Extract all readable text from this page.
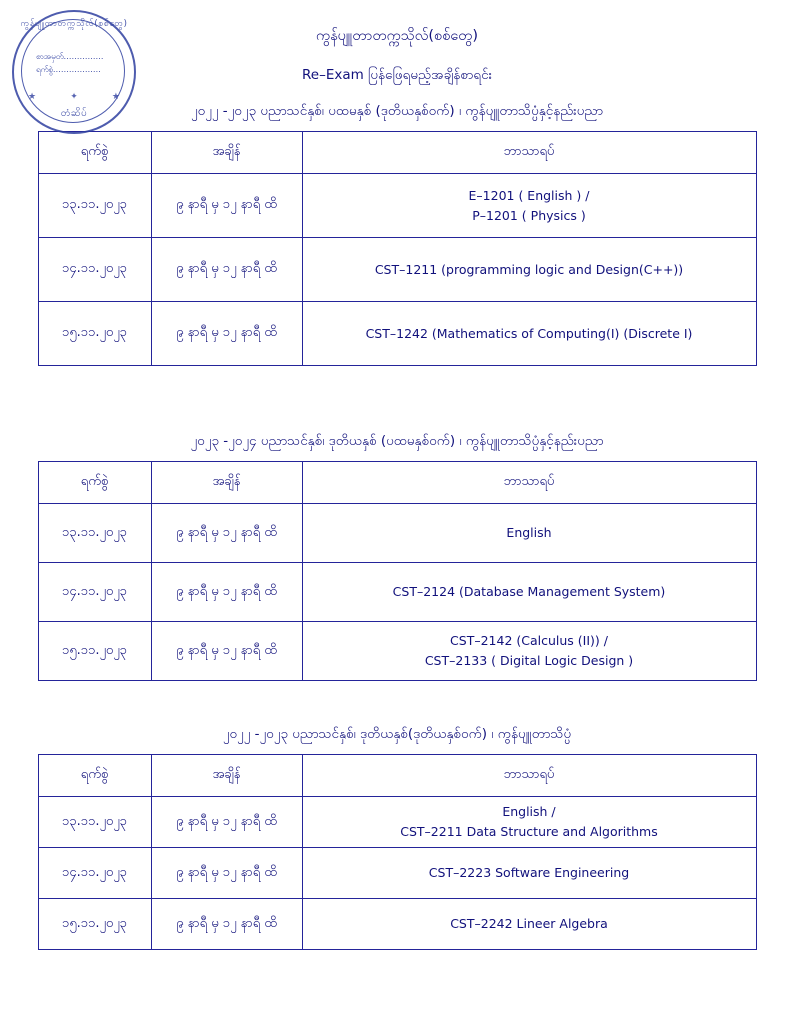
ကွန်ပျူတာတက္ကသိုလ်(စစ်တွေ)
စာအမှတ်……………
ရက်စွဲ………………
★	✦	★
တံဆိပ်
ကွန်ပျူတာတက္ကသိုလ်(စစ်တွေ)
Re–Exam ပြန်ဖြေရမည့်အချိန်စာရင်း
၂၀၂၂ -၂၀၂၃ ပညာသင်နှစ်၊ ပထမနှစ် (ဒုတိယနှစ်ဝက်) ၊ ကွန်ပျူတာသိပ္ပံနှင့်နည်းပညာ
ရက်စွဲ	အချိန်	ဘာသာရပ်
၁၃.၁၁.၂၀၂၃	၉ နာရီ မှ ၁၂ နာရီ ထိ	E–1201 ( English ) /
P–1201 ( Physics )

၁၄.၁၁.၂၀၂၃	၉ နာရီ မှ ၁၂ နာရီ ထိ	CST–1211 (programming logic and Design(C++))

၁၅.၁၁.၂၀၂၃	၉ နာရီ မှ ၁၂ နာရီ ထိ	CST–1242 (Mathematics of Computing(I) (Discrete I)
၂၀၂၃ -၂၀၂၄ ပညာသင်နှစ်၊ ဒုတိယနှစ် (ပထမနှစ်ဝက်) ၊ ကွန်ပျူတာသိပ္ပံနှင့်နည်းပညာ
ရက်စွဲ	အချိန်	ဘာသာရပ်
၁၃.၁၁.၂၀၂၃	၉ နာရီ မှ ၁၂ နာရီ ထိ	English

၁၄.၁၁.၂၀၂၃	၉ နာရီ မှ ၁၂ နာရီ ထိ	CST–2124 (Database Management System)

၁၅.၁၁.၂၀၂၃	၉ နာရီ မှ ၁၂ နာရီ ထိ	CST–2142 (Calculus (II)) /
CST–2133 ( Digital Logic Design )
၂၀၂၂ -၂၀၂၃ ပညာသင်နှစ်၊ ဒုတိယနှစ်(ဒုတိယနှစ်ဝက်) ၊ ကွန်ပျူတာသိပ္ပံ
ရက်စွဲ	အချိန်	ဘာသာရပ်
၁၃.၁၁.၂၀၂၃	၉ နာရီ မှ ၁၂ နာရီ ထိ	English /
CST–2211 Data Structure and Algorithms

၁၄.၁၁.၂၀၂၃	၉ နာရီ မှ ၁၂ နာရီ ထိ	CST–2223 Software Engineering

၁၅.၁၁.၂၀၂၃	၉ နာရီ မှ ၁၂ နာရီ ထိ	CST–2242 Lineer Algebra
